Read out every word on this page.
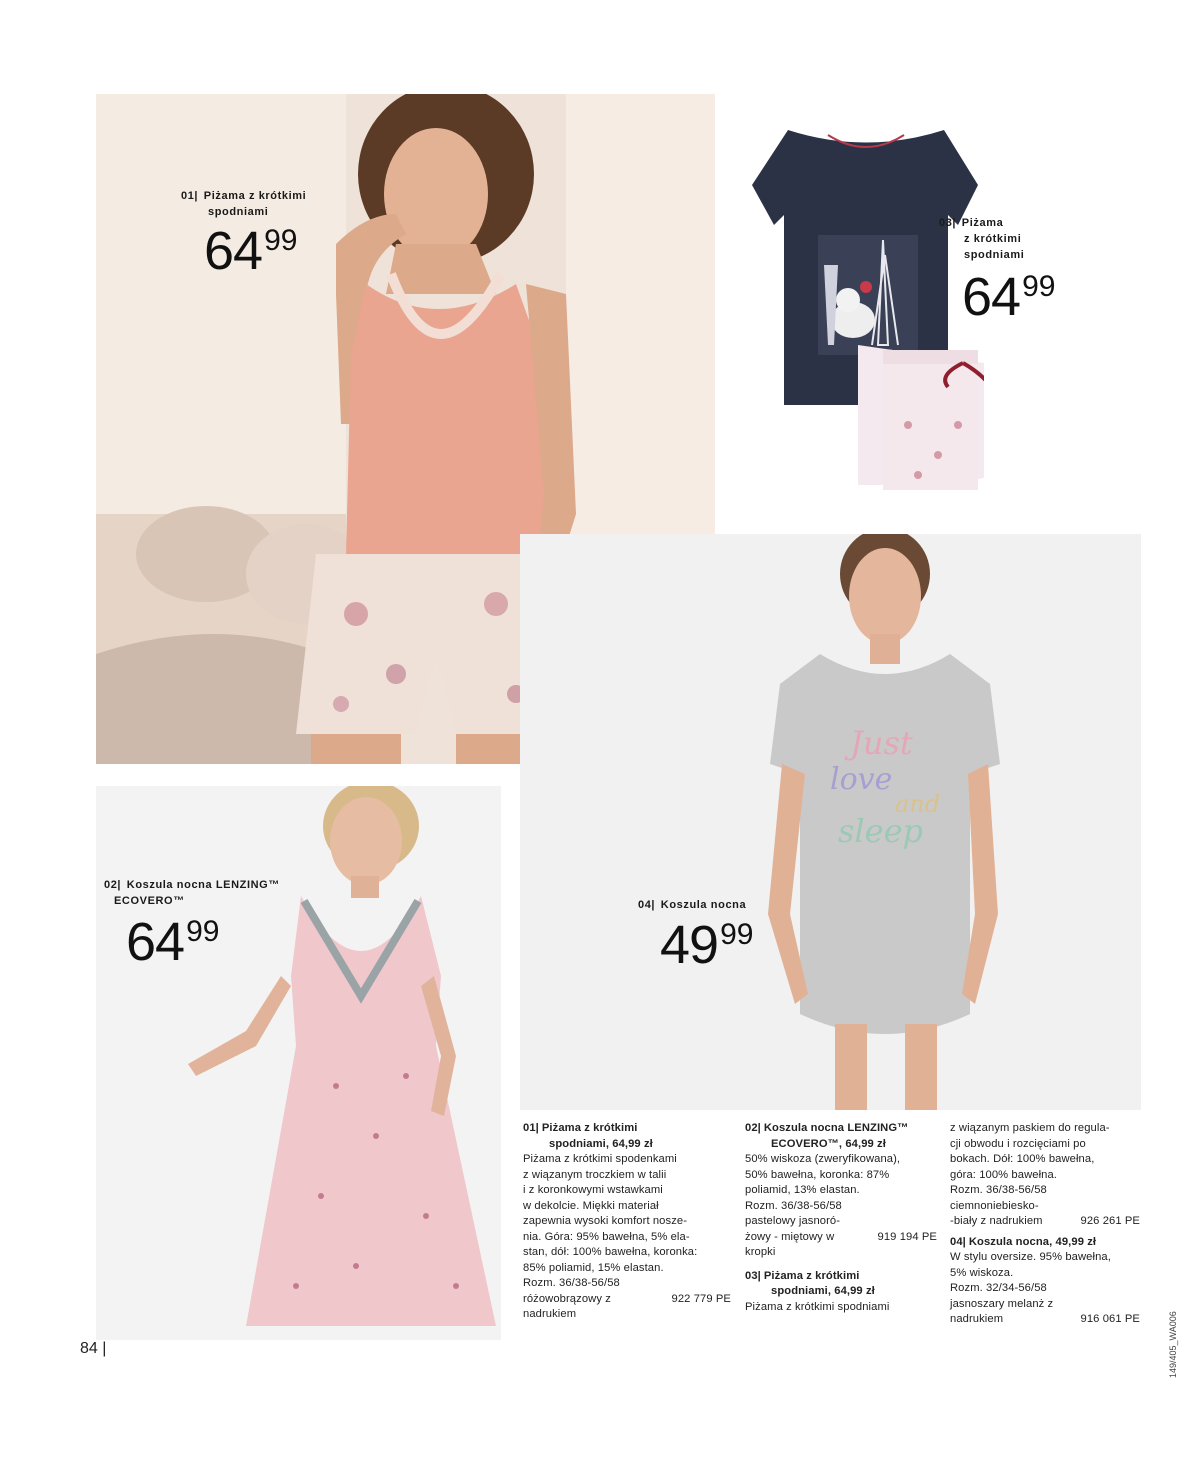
01| Piżama z krótkimi
spodniami
6499
03| Piżama
z krótkimi
spodniami
6499
Just
love
and
sleep
04| Koszula nocna
4999
02| Koszula nocna LENZING™
ECOVERO™
6499
01| Piżama z krótkimi
spodniami, 64,99 zł
Piżama z krótkimi spodenkami
z wiązanym troczkiem w talii
i z koronkowymi wstawkami
w dekolcie. Miękki materiał
zapewnia wysoki komfort nosze-
nia. Góra: 95% bawełna, 5% ela-
stan, dół: 100% bawełna, koronka:
85% poliamid, 15% elastan.
Rozm. 36/38-56/58
różowobrązowy z
nadrukiem
922 779 PE
02| Koszula nocna LENZING™
ECOVERO™, 64,99 zł
50% wiskoza (zweryfikowana),
50% bawełna, koronka: 87%
poliamid, 13% elastan.
Rozm. 36/38-56/58
pastelowy jasnoró-
żowy - miętowy w	919 194 PE
kropki
03| Piżama z krótkimi
spodniami, 64,99 zł
Piżama z krótkimi spodniami
z wiązanym paskiem do regula-
cji obwodu i rozcięciami po
bokach. Dół: 100% bawełna,
góra: 100% bawełna.
Rozm. 36/38-56/58
ciemnoniebiesko-
-biały z nadrukiem	926 261 PE
04| Koszula nocna, 49,99 zł
W stylu oversize. 95% bawełna,
5% wiskoza.
Rozm. 32/34-56/58
jasnoszary melanż z
nadrukiem	916 061 PE
84 |	149/405_WA006
